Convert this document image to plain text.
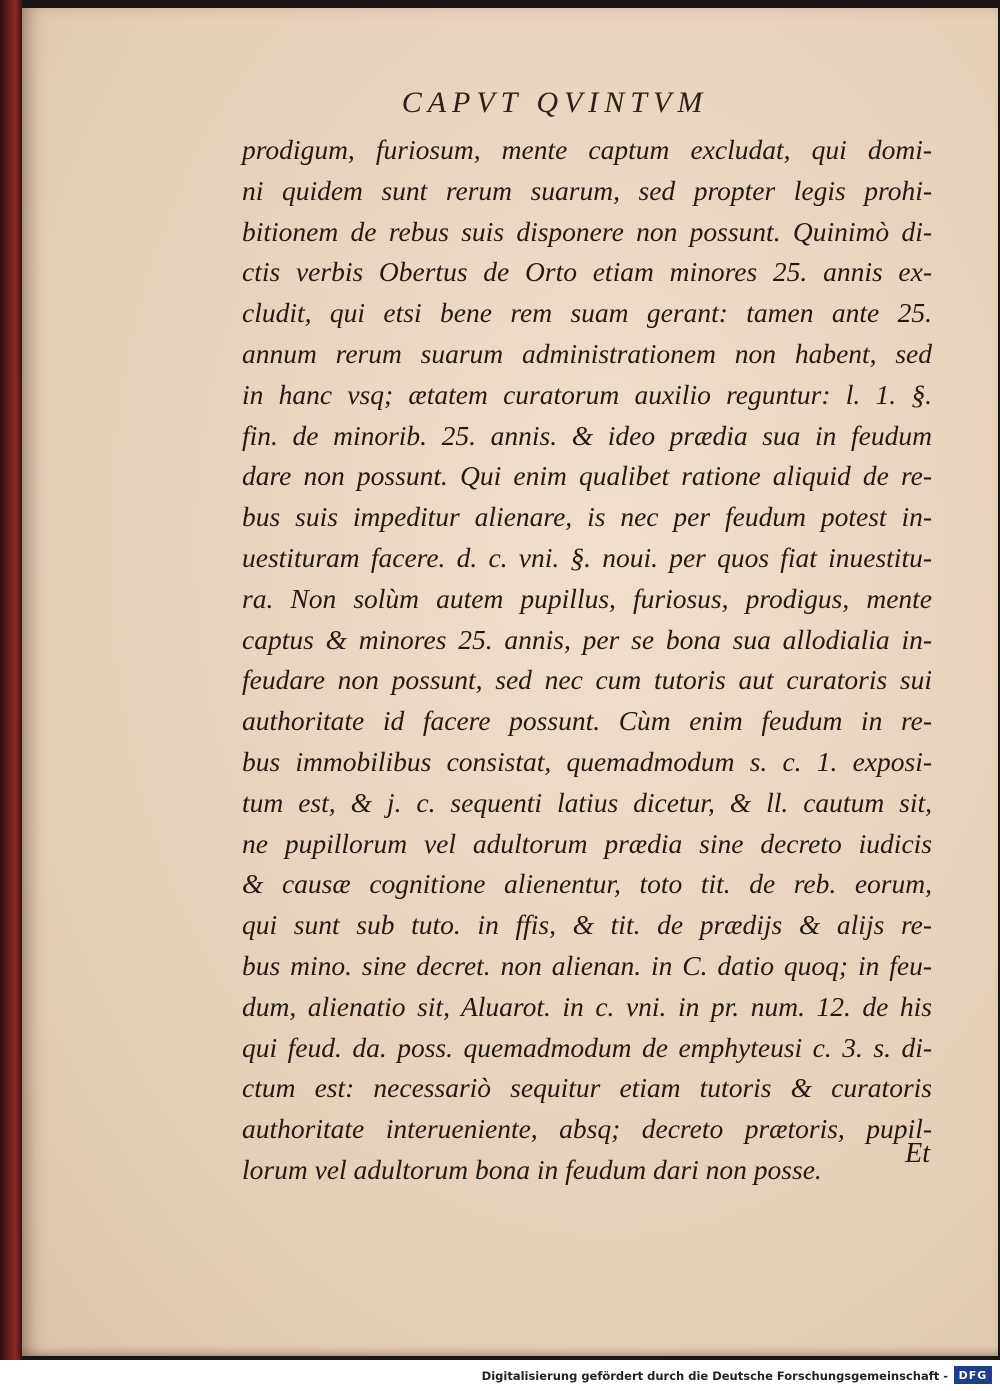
CAPVT QVINTVM
prodigum, furiosum, mente captum excludat, qui domi-
ni quidem sunt rerum suarum, sed propter legis prohi-
bitionem de rebus suis disponere non possunt. Quinimò di-
ctis verbis Obertus de Orto etiam minores 25. annis ex-
cludit, qui etsi bene rem suam gerant: tamen ante 25.
annum rerum suarum administrationem non habent, sed
in hanc vsq; ætatem curatorum auxilio reguntur: l. 1. §.
fin. de minorib. 25. annis. & ideo prædia sua in feudum
dare non possunt. Qui enim qualibet ratione aliquid de re-
bus suis impeditur alienare, is nec per feudum potest in-
uestituram facere. d. c. vni. §. noui. per quos fiat inuestitu-
ra. Non solùm autem pupillus, furiosus, prodigus, mente
captus & minores 25. annis, per se bona sua allodialia in-
feudare non possunt, sed nec cum tutoris aut curatoris sui
authoritate id facere possunt. Cùm enim feudum in re-
bus immobilibus consistat, quemadmodum s. c. 1. exposi-
tum est, & j. c. sequenti latius dicetur, & ll. cautum sit,
ne pupillorum vel adultorum prædia sine decreto iudicis
& causæ cognitione alienentur, toto tit. de reb. eorum,
qui sunt sub tuto. in ffis, & tit. de prædijs & alijs re-
bus mino. sine decret. non alienan. in C. datio quoq; in feu-
dum, alienatio sit, Aluarot. in c. vni. in pr. num. 12. de his
qui feud. da. poss. quemadmodum de emphyteusi c. 3. s. di-
ctum est: necessariò sequitur etiam tutoris & curatoris
authoritate interueniente, absq; decreto prætoris, pupil-
lorum vel adultorum bona in feudum dari non posse.
Et
Digitalisierung gefördert durch die Deutsche Forschungsgemeinschaft - DFG
